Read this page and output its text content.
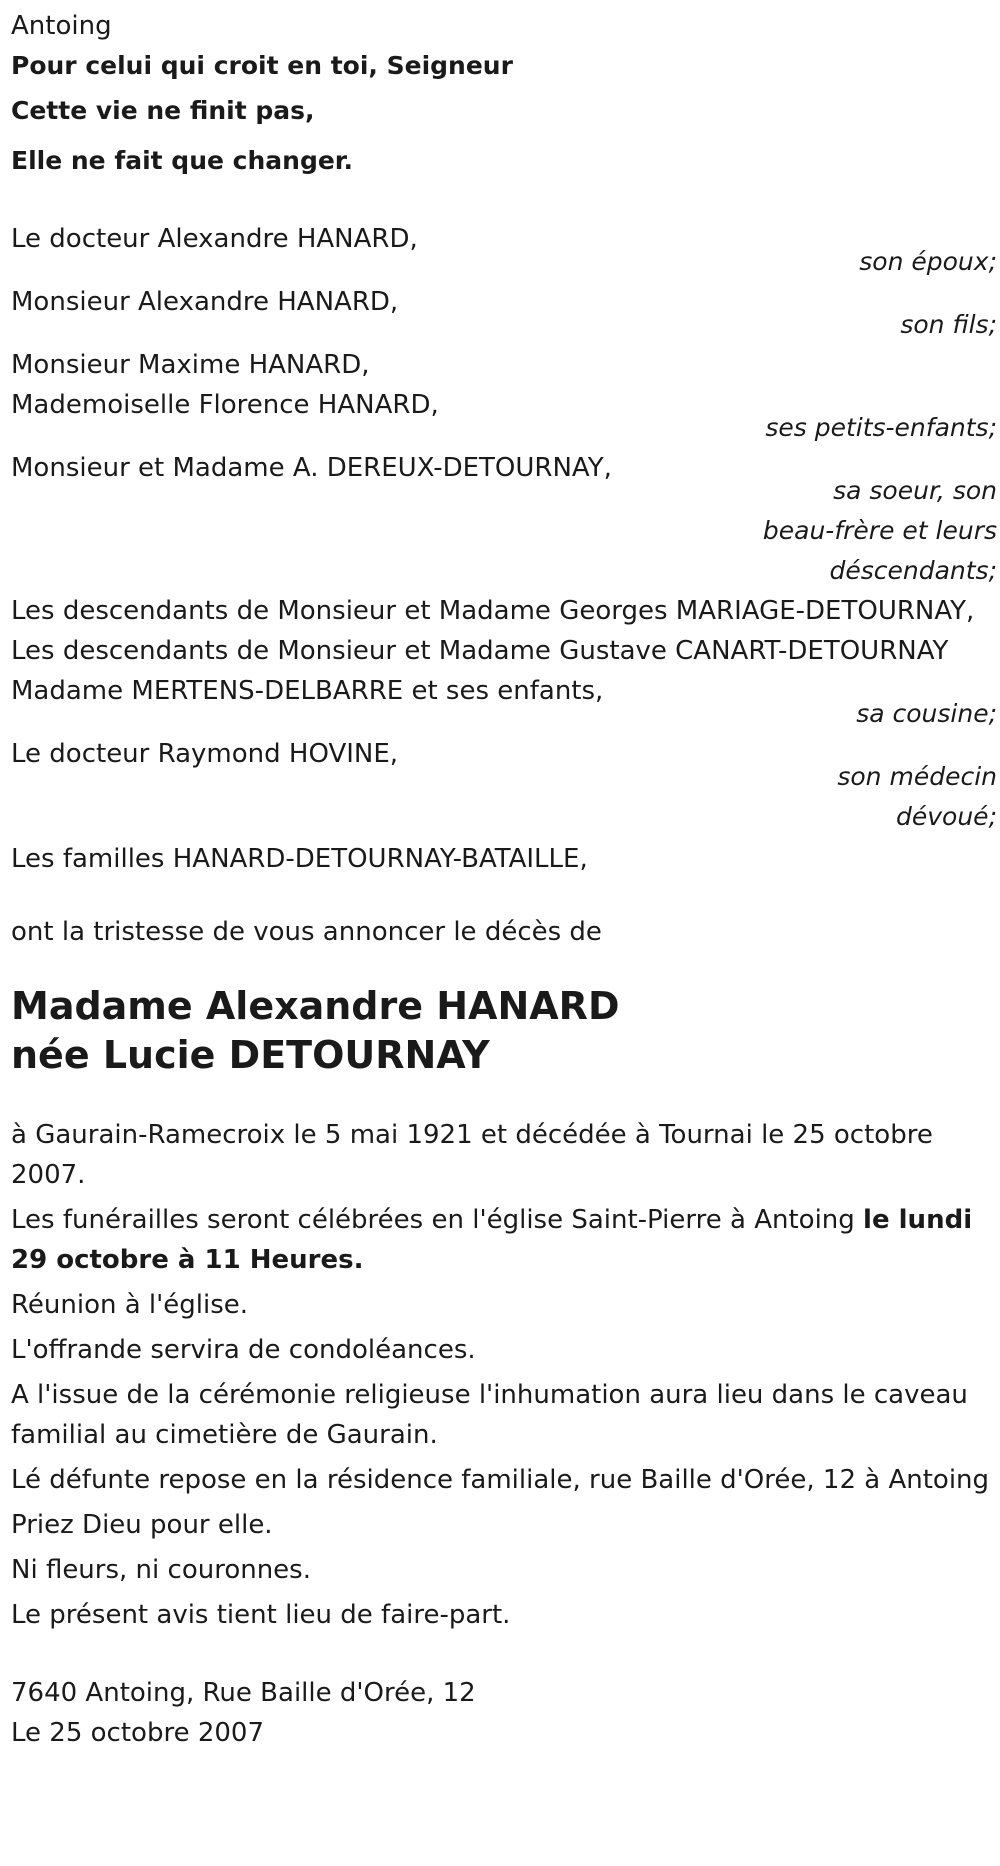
Antoing
Pour celui qui croit en toi, Seigneur
Cette vie ne finit pas,
Elle ne fait que changer.
Le docteur Alexandre HANARD,
son époux;
Monsieur Alexandre HANARD,
son fils;
Monsieur Maxime HANARD,
Mademoiselle Florence HANARD,
ses petits-enfants;
Monsieur et Madame A. DEREUX-DETOURNAY,
sa soeur, son
beau-frère et leurs
déscendants;
Les descendants de Monsieur et Madame Georges MARIAGE-DETOURNAY,
Les descendants de Monsieur et Madame Gustave CANART-DETOURNAY
Madame MERTENS-DELBARRE et ses enfants,
sa cousine;
Le docteur Raymond HOVINE,
son médecin
dévoué;
Les familles HANARD-DETOURNAY-BATAILLE,
ont la tristesse de vous annoncer le décès de
Madame Alexandre HANARD
née Lucie DETOURNAY
à Gaurain-Ramecroix le 5 mai 1921 et décédée à Tournai le 25 octobre 2007.
Les funérailles seront célébrées en l'église Saint-Pierre à Antoing le lundi 29 octobre à 11 Heures.
Réunion à l'église.
L'offrande servira de condoléances.
A l'issue de la cérémonie religieuse l'inhumation aura lieu dans le caveau familial au cimetière de Gaurain.
Lé défunte repose en la résidence familiale, rue Baille d'Orée, 12 à Antoing
Priez Dieu pour elle.
Ni fleurs, ni couronnes.
Le présent avis tient lieu de faire-part.
7640 Antoing, Rue Baille d'Orée, 12
Le 25 octobre 2007
